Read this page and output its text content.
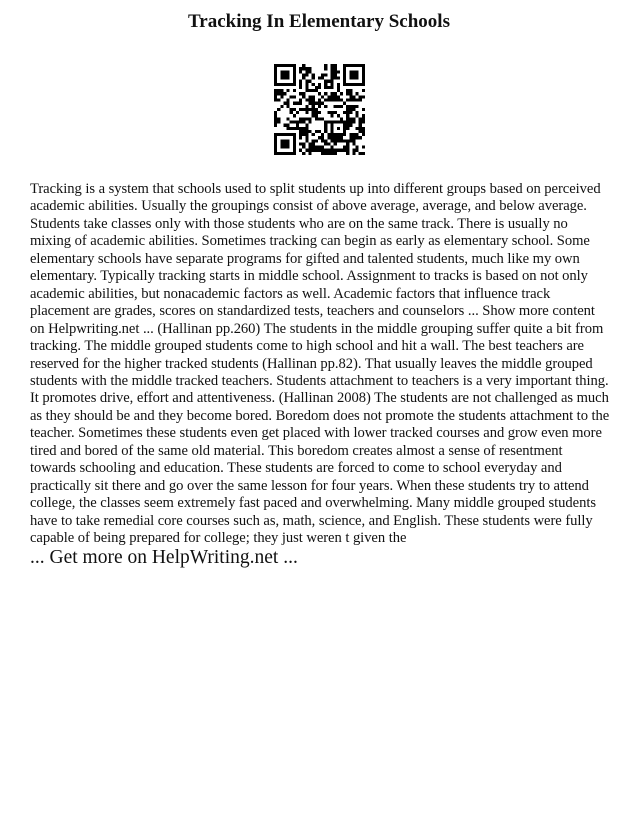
Tracking In Elementary Schools

Tracking is a system that schools used to split students up into different groups based on perceived academic abilities. Usually the groupings consist of above average, average, and below average. Students take classes only with those students who are on the same track. There is usually no mixing of academic abilities. Sometimes tracking can begin as early as elementary school. Some elementary schools have separate programs for gifted and talented students, much like my own elementary. Typically tracking starts in middle school. Assignment to tracks is based on not only academic abilities, but nonacademic factors as well. Academic factors that influence track placement are grades, scores on standardized tests, teachers and counselors ... Show more content on Helpwriting.net ... (Hallinan pp.260) The students in the middle grouping suffer quite a bit from tracking. The middle grouped students come to high school and hit a wall. The best teachers are reserved for the higher tracked students (Hallinan pp.82). That usually leaves the middle grouped students with the middle tracked teachers. Students attachment to teachers is a very important thing. It promotes drive, effort and attentiveness. (Hallinan 2008) The students are not challenged as much as they should be and they become bored. Boredom does not promote the students attachment to the teacher. Sometimes these students even get placed with lower tracked courses and grow even more tired and bored of the same old material. This boredom creates almost a sense of resentment towards schooling and education. These students are forced to come to school everyday and practically sit there and go over the same lesson for four years. When these students try to attend college, the classes seem extremely fast paced and overwhelming. Many middle grouped students have to take remedial core courses such as, math, science, and English. These students were fully capable of being prepared for college; they just weren t given the

... Get more on HelpWriting.net ...
